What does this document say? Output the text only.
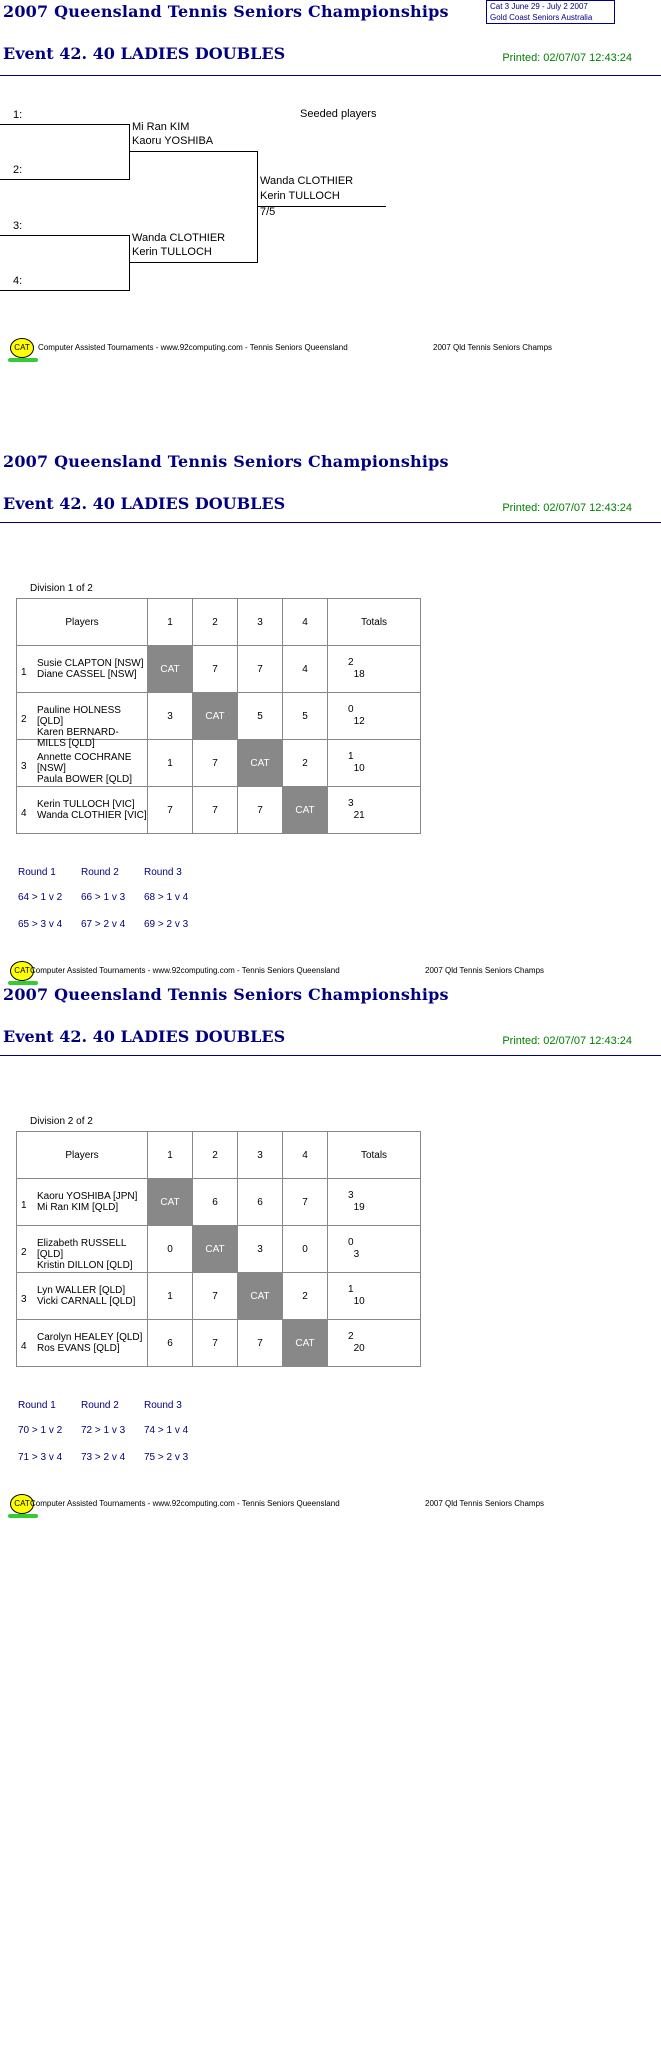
2007 Queensland Tennis Seniors Championships	Cat 3 June 29 - July 2 2007
Gold Coast Seniors Australia
Event 42. 40 LADIES DOUBLES	Printed: 02/07/07 12:43:24
Seeded players
1:
2:
3:
4:
Mi Ran KIM
Kaoru YOSHIBA
Wanda CLOTHIER
Kerin TULLOCH
Wanda CLOTHIER
Kerin TULLOCH
7/5
CAT	Computer Assisted Tournaments - www.92computing.com - Tennis Seniors Queensland	2007 Qld Tennis Seniors Champs
2007 Queensland Tennis Seniors Championships
Event 42. 40 LADIES DOUBLES	Printed: 02/07/07 12:43:24
Division 1 of 2
Players	1	2	3	4	Totals

1
Susie CLAPTON [NSW]
Diane CASSEL [NSW]	CAT	7	7	4	2
18

2
Pauline HOLNESS [QLD]
Karen BERNARD-MILLS [QLD]	3	CAT	5	5	0
12

3
Annette COCHRANE [NSW]
Paula BOWER [QLD]	1	7	CAT	2	1
10

4
Kerin TULLOCH [VIC]
Wanda CLOTHIER [VIC]	7	7	7	CAT	3
21
Round 1	Round 2	Round 3
64 > 1 v 2 66 > 1 v 3 68 > 1 v 4
65 > 3 v 4 67 > 2 v 4 69 > 2 v 3
CAT Computer Assisted Tournaments - www.92computing.com - Tennis Seniors Queensland	2007 Qld Tennis Seniors Champs
2007 Queensland Tennis Seniors Championships
Event 42. 40 LADIES DOUBLES	Printed: 02/07/07 12:43:24
Division 2 of 2
Players	1	2	3	4	Totals

1
Kaoru YOSHIBA [JPN]
Mi Ran KIM [QLD]	CAT	6	6	7	3
19

2
Elizabeth RUSSELL [QLD]
Kristin DILLON [QLD]	0	CAT	3	0	0
3

3
Lyn WALLER [QLD]
Vicki CARNALL [QLD]	1	7	CAT	2	1
10

4
Carolyn HEALEY [QLD]
Ros EVANS [QLD]	6	7	7	CAT	2
20
Round 1	Round 2	Round 3
70 > 1 v 2 72 > 1 v 3 74 > 1 v 4
71 > 3 v 4 73 > 2 v 4 75 > 2 v 3
CAT Computer Assisted Tournaments - www.92computing.com - Tennis Seniors Queensland	2007 Qld Tennis Seniors Champs
